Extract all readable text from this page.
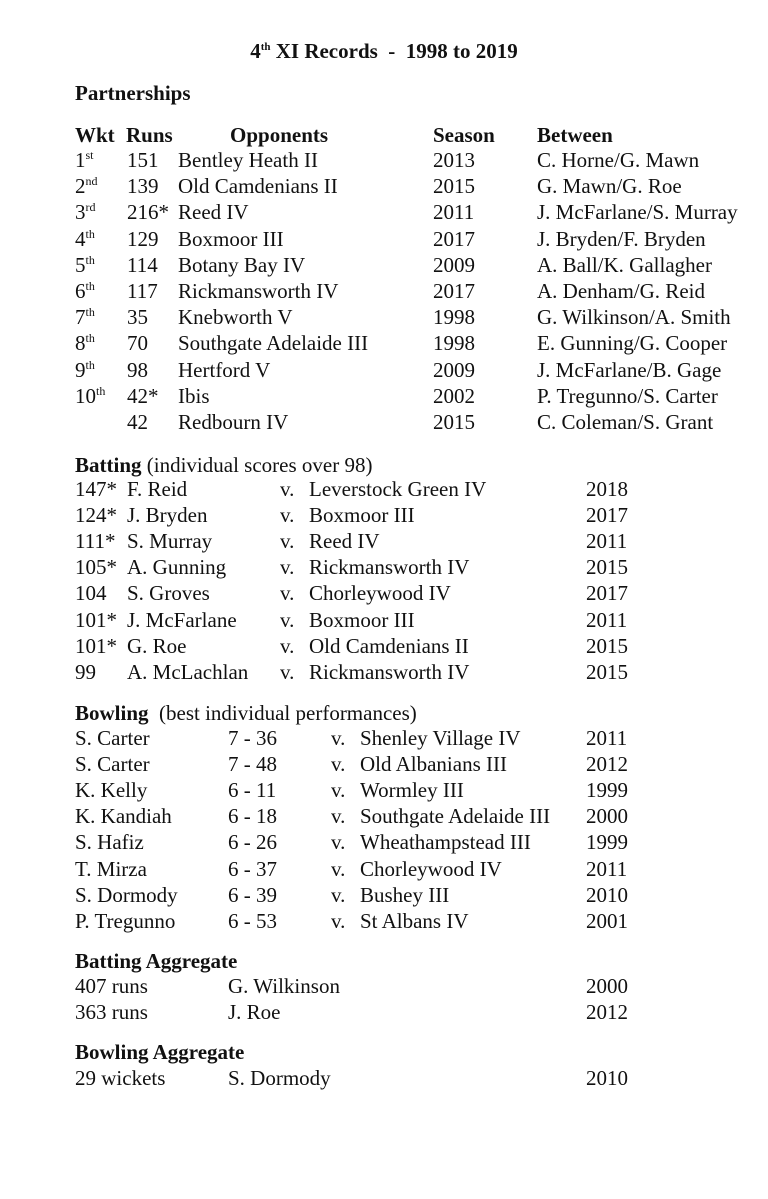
4th XI Records  -  1998 to 2019
Partnerships
Wkt Runs	Opponents	Season Between
1st 151 Bentley Heath II	2013	C. Horne/G. Mawn
2nd 139 Old Camdenians II	2015	G. Mawn/G. Roe
3rd 216* Reed IV	2011	J. McFarlane/S. Murray
4th 129 Boxmoor III	2017	J. Bryden/F. Bryden
5th 114 Botany Bay IV	2009	A. Ball/K. Gallagher
6th 117 Rickmansworth IV	2017	A. Denham/G. Reid
7th 35 Knebworth V	1998	G. Wilkinson/A. Smith
8th 70 Southgate Adelaide III	1998	E. Gunning/G. Cooper
9th 98 Hertford V	2009	J. McFarlane/B. Gage
10th 42* Ibis	2002	P. Tregunno/S. Carter
42 Redbourn IV	2015	C. Coleman/S. Grant
Batting (individual scores over 98)
147* F. Reid	v. Leverstock Green IV	2018
124* J. Bryden	v. Boxmoor III	2017
111* S. Murray	v. Reed IV	2011
105* A. Gunning	v. Rickmansworth IV	2015
104 S. Groves	v. Chorleywood IV	2017
101* J. McFarlane v. Boxmoor III	2011
101* G. Roe	v. Old Camdenians II	2015
99 A. McLachlan v. Rickmansworth IV	2015
Bowling  (best individual performances)
S. Carter	7 - 36	v. Shenley Village IV	2011
S. Carter	7 - 48	v. Old Albanians III	2012
K. Kelly	6 - 11	v. Wormley III	1999
K. Kandiah	6 - 18	v. Southgate Adelaide III 2000
S. Hafiz	6 - 26	v. Wheathampstead III	1999
T. Mirza	6 - 37	v. Chorleywood IV	2011
S. Dormody 6 - 39	v. Bushey III	2010
P. Tregunno	6 - 53	v. St Albans IV	2001
Batting Aggregate
407 runs	G. Wilkinson	2000
363 runs	J. Roe	2012
Bowling Aggregate
29 wickets	S. Dormody	2010
